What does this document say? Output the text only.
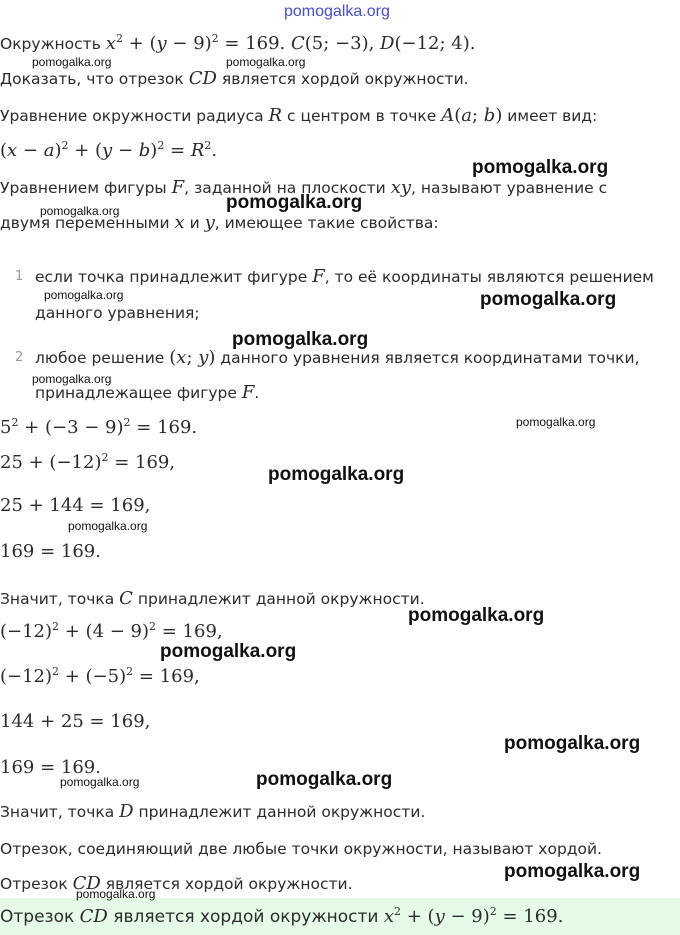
pomogalka.org
Окружность $x^2 + (y - 9)^2 = 169$. C(5; −3), D(−12; 4).
Доказать, что отрезок CD является хордой окружности.
Уравнение окружности радиуса R с центром в точке A(a; b) имеет вид:
$(x - a)^2 + (y - b)^2 = R^2$.
Уравнением фигуры F, заданной на плоскости xy, называют уравнение с
двумя переменными x и y, имеющее такие свойства:
1 если точка принадлежит фигуре F, то её координаты являются решением
данного уравнения;
2 любое решение (x; y) данного уравнения является координатами точки,
принадлежащее фигуре F.
$5^2 + (-3 - 9)^2 = 169$.
$25 + (-12)^2 = 169$,
25 + 144 = 169,
169 = 169.
Значит, точка C принадлежит данной окружности.
$(-12)^2 + (4 - 9)^2 = 169$,
$(-12)^2 + (-5)^2 = 169$,
144 + 25 = 169,
169 = 169.
Значит, точка D принадлежит данной окружности.
Отрезок, соединяющий две любые точки окружности, называют хордой.
Отрезок CD является хордой окружности.
Отрезок CD является хордой окружности $x^2 + (y - 9)^2 = 169$.
pomogalka.org	pomogalka.org
pomogalka.org
pomogalka.org
pomogalka.org
pomogalka.org	pomogalka.org
pomogalka.org
pomogalka.org
pomogalka.org
pomogalka.org
pomogalka.org
pomogalka.org
pomogalka.org
pomogalka.org
pomogalka.org
pomogalka.org
pomogalka.org
pomogalka.org
